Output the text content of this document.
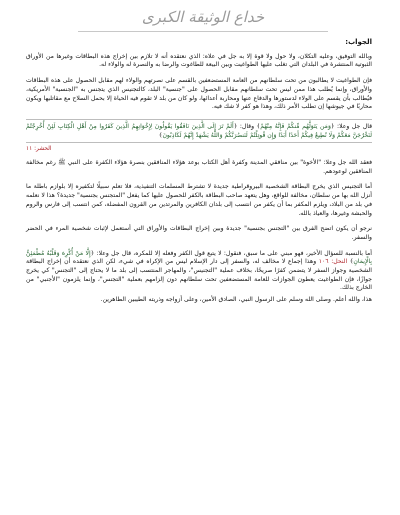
خداع الوثيقة الكبرى
الجواب:

وبالله التوفيق، وعليه التكلان، ولا حول ولا قوة إلا به جل في علاه: الذي نعتقده أنه لا تلازم بين إخراج هذه البطاقات وغيرها من الأوراق الثبوتية المنتشرة في البلدان التي تغلب عليها الطواغيت وبين البيعة للطاغوت والرضا به والنصرة له والولاء له.

فإن الطواغيت لا يطالبون من تحت سلطانهم من العامة المستضعفين بالقسم على نصرتهم والولاء لهم مقابل الحصول على هذه البطاقات والأوراق، وإنما يُطلب هذا ممن ليس تحت سلطانهم مقابل الحصول على "جنسية" البلد، كالتجنيس الذي يتجنس به "الجنسية" الأمريكية، فيُطالب بأن يقسم على الولاء لدستورها والدفاع عنها ومحاربة أعدائها، ولو كان من بلد لا تقوم فيه الحياة إلا بحمل السلاح مع مقاتليها ويكون محاربًا في جيوشها إن تطلب الأمر ذلك، وهذا هو كفر لا شك فيه.

قال جل وعلا: ﴿وَمَن يَتَوَلَّهُم مِّنكُمْ فَإِنَّهُ مِنْهُمْ﴾ وقال: ﴿أَلَمْ تَرَ إِلَى الَّذِينَ نَافَقُوا يَقُولُونَ لِإِخْوَانِهِمُ الَّذِينَ كَفَرُوا مِنْ أَهْلِ الْكِتَابِ لَئِنْ أُخْرِجْتُمْ لَنَخْرُجَنَّ مَعَكُمْ وَلَا نُطِيعُ فِيكُمْ أَحَدًا أَبَدًا وَإِن قُوتِلْتُمْ لَنَنصُرَنَّكُمْ وَاللَّهُ يَشْهَدُ إِنَّهُمْ لَكَاذِبُونَ﴾
الحشر: ١١

فعقد الله جل وعلا: "الأخوة" بين منافقي المدينة وكفرة أهل الكتاب بوعد هؤلاء المنافقين بنصرة هؤلاء الكفرة على النبي ﷺ رغم مخالفة المنافقين لوعودهم.

أما التجنيس الذي يخرج البطاقة الشخصية البيروقراطية جديدة لا تشترط المسلمات التنفيذية، فلا تعلم سبيلًا لتكفيره إلا بلوازم باطلة ما أنزل الله بها من سلطان، مخالفة للواقع، وهل يتعهد صاحب البطاقة بالكفر للحصول عليها كما يفعل "المتجنس بجنسية" جديدة؟ هذا لا نعلمه في بلد من البلاد، ويلزم المكفر بما أن يكفر من انتسب إلى بلدان الكافرين والمرتدين من القرون المفضلة، كمن انتسب إلى فارس والروم والحبشة وغيرها، والعياذ بالله.

نرجو أن يكون اتضح الفرق بين "التجنس بجنسية" جديدة وبين إخراج البطاقات والأوراق التي أستعمل لإثبات شخصية المرء في الحضر والسفر.

أما بالنسبة للسؤال الأخير، فهو مبني على ما سبق، فنقول: لا يتبع قول الكفر وفعله إلا للمكره، قال جل وعلا: ﴿إِلَّا مَنْ أُكْرِهَ وَقَلْبُهُ مُطْمَئِنٌّ بِالْإِيمَانِ﴾ النحل: ١٠٦ وهذا إجماع لا مخالف له، والسفر إلى دار الإسلام ليس من الإكراه في شيء، لكن الذي نعتقده أن إخراج البطاقة الشخصية وجواز السفر لا يتضمن كفرًا صريحًا، بخلاف عملية "التجنيس"، والمهاجر المنتسب إلى بلد ما لا يحتاج إلى "التجنس" كي يخرج جوازًا، فإن الطواغيت يعطون الجوازات للعامة المستضعفين تحت سلطانهم دون إلزامهم بعملية "التجنس"، وإنما يلزمون "الأجنبي" من الخارج بذلك.

هذا، والله أعلم. وصلى الله وسلم على الرسول النبي، الصادق الأمين، وعلى أزواجه وذريته الطيبين الطاهرين.
